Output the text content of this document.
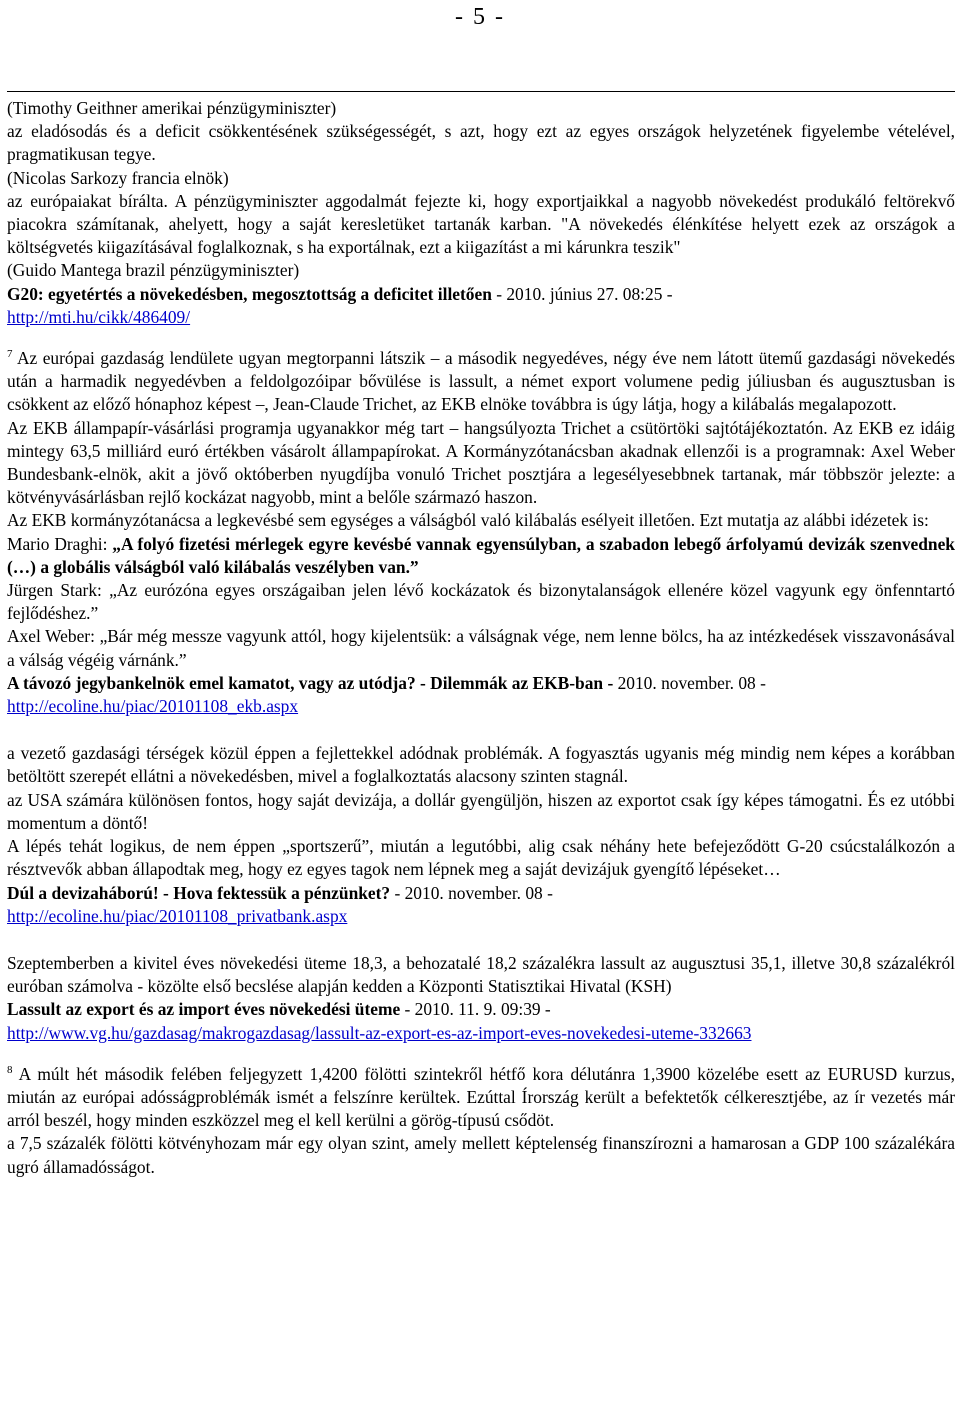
- 5 -

(Timothy Geithner amerikai pénzügyminiszter)

az eladósodás és a deficit csökkentésének szükségességét, s azt, hogy ezt az egyes országok helyzetének figyelembe vételével, pragmatikusan tegye.

(Nicolas Sarkozy francia elnök)

az európaiakat bírálta. A pénzügyminiszter aggodalmát fejezte ki, hogy exportjaikkal a nagyobb növekedést produkáló feltörekvő piacokra számítanak, ahelyett, hogy a saját keresletüket tartanák karban. "A növekedés élénkítése helyett ezek az országok a költségvetés kiigazításával foglalkoznak, s ha exportálnak, ezt a kiigazítást a mi kárunkra teszik"

(Guido Mantega brazil pénzügyminiszter)

G20: egyetértés a növekedésben, megosztottság a deficitet illetően - 2010. június 27. 08:25 -

http://mti.hu/cikk/486409/

$^7$ Az európai gazdaság lendülete ugyan megtorpanni látszik – a második negyedéves, négy éve nem látott ütemű gazdasági növekedés után a harmadik negyedévben a feldolgozóipar bővülése is lassult, a német export volumene pedig júliusban és augusztusban is csökkent az előző hónaphoz képest –, Jean-Claude Trichet, az EKB elnöke továbbra is úgy látja, hogy a kilábalás megalapozott.

Az EKB állampapír-vásárlási programja ugyanakkor még tart – hangsúlyozta Trichet a csütörtöki sajtótájékoztatón. Az EKB ez idáig mintegy 63,5 milliárd euró értékben vásárolt állampapírokat. A Kormányzótanácsban akadnak ellenzői is a programnak: Axel Weber Bundesbank-elnök, akit a jövő októberben nyugdíjba vonuló Trichet posztjára a legesélyesebbnek tartanak, már többször jelezte: a kötvényvásárlásban rejlő kockázat nagyobb, mint a belőle származó haszon.

Az EKB kormányzótanácsa a legkevésbé sem egységes a válságból való kilábalás esélyeit illetően. Ezt mutatja az alábbi idézetek is:

Mario Draghi: „A folyó fizetési mérlegek egyre kevésbé vannak egyensúlyban, a szabadon lebegő árfolyamú devizák szenvednek (…) a globális válságból való kilábalás veszélyben van.”

Jürgen Stark: „Az eurózóna egyes országaiban jelen lévő kockázatok és bizonytalanságok ellenére közel vagyunk egy önfenntartó fejlődéshez.”

Axel Weber: „Bár még messze vagyunk attól, hogy kijelentsük: a válságnak vége, nem lenne bölcs, ha az intézkedések visszavonásával a válság végéig várnánk.”

A távozó jegybankelnök emel kamatot, vagy az utódja? - Dilemmák az EKB-ban - 2010. november. 08 -

http://ecoline.hu/piac/20101108_ekb.aspx

a vezető gazdasági térségek közül éppen a fejlettekkel adódnak problémák. A fogyasztás ugyanis még mindig nem képes a korábban betöltött szerepét ellátni a növekedésben, mivel a foglalkoztatás alacsony szinten stagnál.

az USA számára különösen fontos, hogy saját devizája, a dollár gyengüljön, hiszen az exportot csak így képes támogatni. És ez utóbbi momentum a döntő!

A lépés tehát logikus, de nem éppen „sportszerű”, miután a legutóbbi, alig csak néhány hete befejeződött G-20 csúcstalálkozón a résztvevők abban állapodtak meg, hogy ez egyes tagok nem lépnek meg a saját devizájuk gyengítő lépéseket…

Dúl a devizaháború! - Hova fektessük a pénzünket? - 2010. november. 08 -

http://ecoline.hu/piac/20101108_privatbank.aspx

Szeptemberben a kivitel éves növekedési üteme 18,3, a behozatalé 18,2 százalékra lassult az augusztusi 35,1, illetve 30,8 százalékról euróban számolva - közölte első becslése alapján kedden a Központi Statisztikai Hivatal (KSH)

Lassult az export és az import éves növekedési üteme - 2010. 11. 9. 09:39 -

http://www.vg.hu/gazdasag/makrogazdasag/lassult-az-export-es-az-import-eves-novekedesi-uteme-332663

$^8$ A múlt hét második felében feljegyzett 1,4200 fölötti szintekről hétfő kora délutánra 1,3900 közelébe esett az EURUSD kurzus, miután az európai adósságproblémák ismét a felszínre kerültek. Ezúttal Írország került a befektetők célkeresztjébe, az ír vezetés már arról beszél, hogy minden eszközzel meg el kell kerülni a görög-típusú csődöt.

a 7,5 százalék fölötti kötvényhozam már egy olyan szint, amely mellett képtelenség finanszírozni a hamarosan a GDP 100 százalékára ugró államadósságot.
